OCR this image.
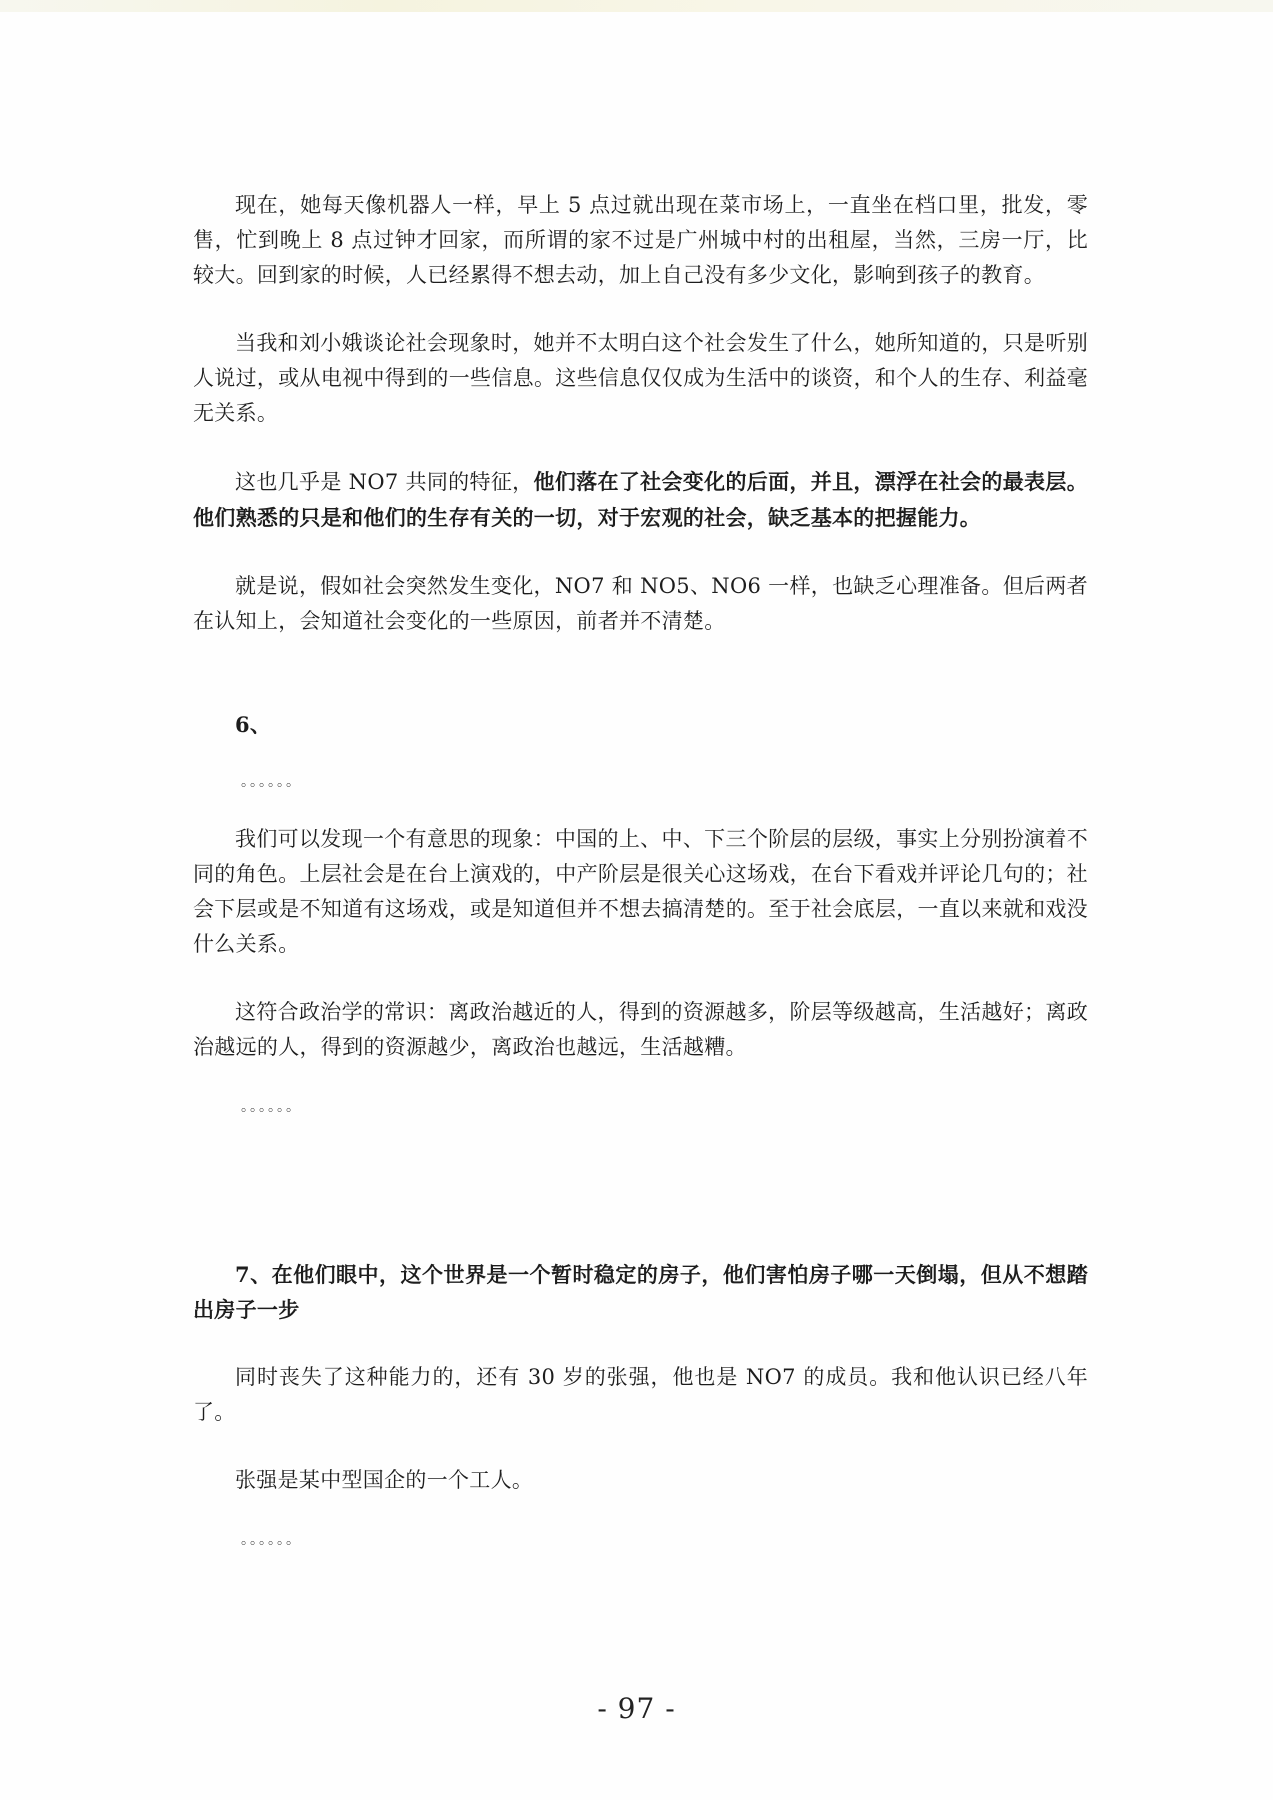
现在，她每天像机器人一样，早上 5 点过就出现在菜市场上，一直坐在档口里，批发，零售，忙到晚上 8 点过钟才回家，而所谓的家不过是广州城中村的出租屋，当然，三房一厅，比较大。回到家的时候，人已经累得不想去动，加上自己没有多少文化，影响到孩子的教育。

当我和刘小娥谈论社会现象时，她并不太明白这个社会发生了什么，她所知道的，只是听别人说过，或从电视中得到的一些信息。这些信息仅仅成为生活中的谈资，和个人的生存、利益毫无关系。

这也几乎是 NO7 共同的特征，他们落在了社会变化的后面，并且，漂浮在社会的最表层。他们熟悉的只是和他们的生存有关的一切，对于宏观的社会，缺乏基本的把握能力。

就是说，假如社会突然发生变化，NO7 和 NO5、NO6 一样，也缺乏心理准备。但后两者在认知上，会知道社会变化的一些原因，前者并不清楚。

6、

。。。。。。

我们可以发现一个有意思的现象：中国的上、中、下三个阶层的层级，事实上分别扮演着不同的角色。上层社会是在台上演戏的，中产阶层是很关心这场戏，在台下看戏并评论几句的；社会下层或是不知道有这场戏，或是知道但并不想去搞清楚的。至于社会底层，一直以来就和戏没什么关系。

这符合政治学的常识：离政治越近的人，得到的资源越多，阶层等级越高，生活越好；离政治越远的人，得到的资源越少，离政治也越远，生活越糟。

。。。。。。

7、在他们眼中，这个世界是一个暂时稳定的房子，他们害怕房子哪一天倒塌，但从不想踏出房子一步

同时丧失了这种能力的，还有 30 岁的张强，他也是 NO7 的成员。我和他认识已经八年了。

张强是某中型国企的一个工人。

。。。。。。

- 97 -
